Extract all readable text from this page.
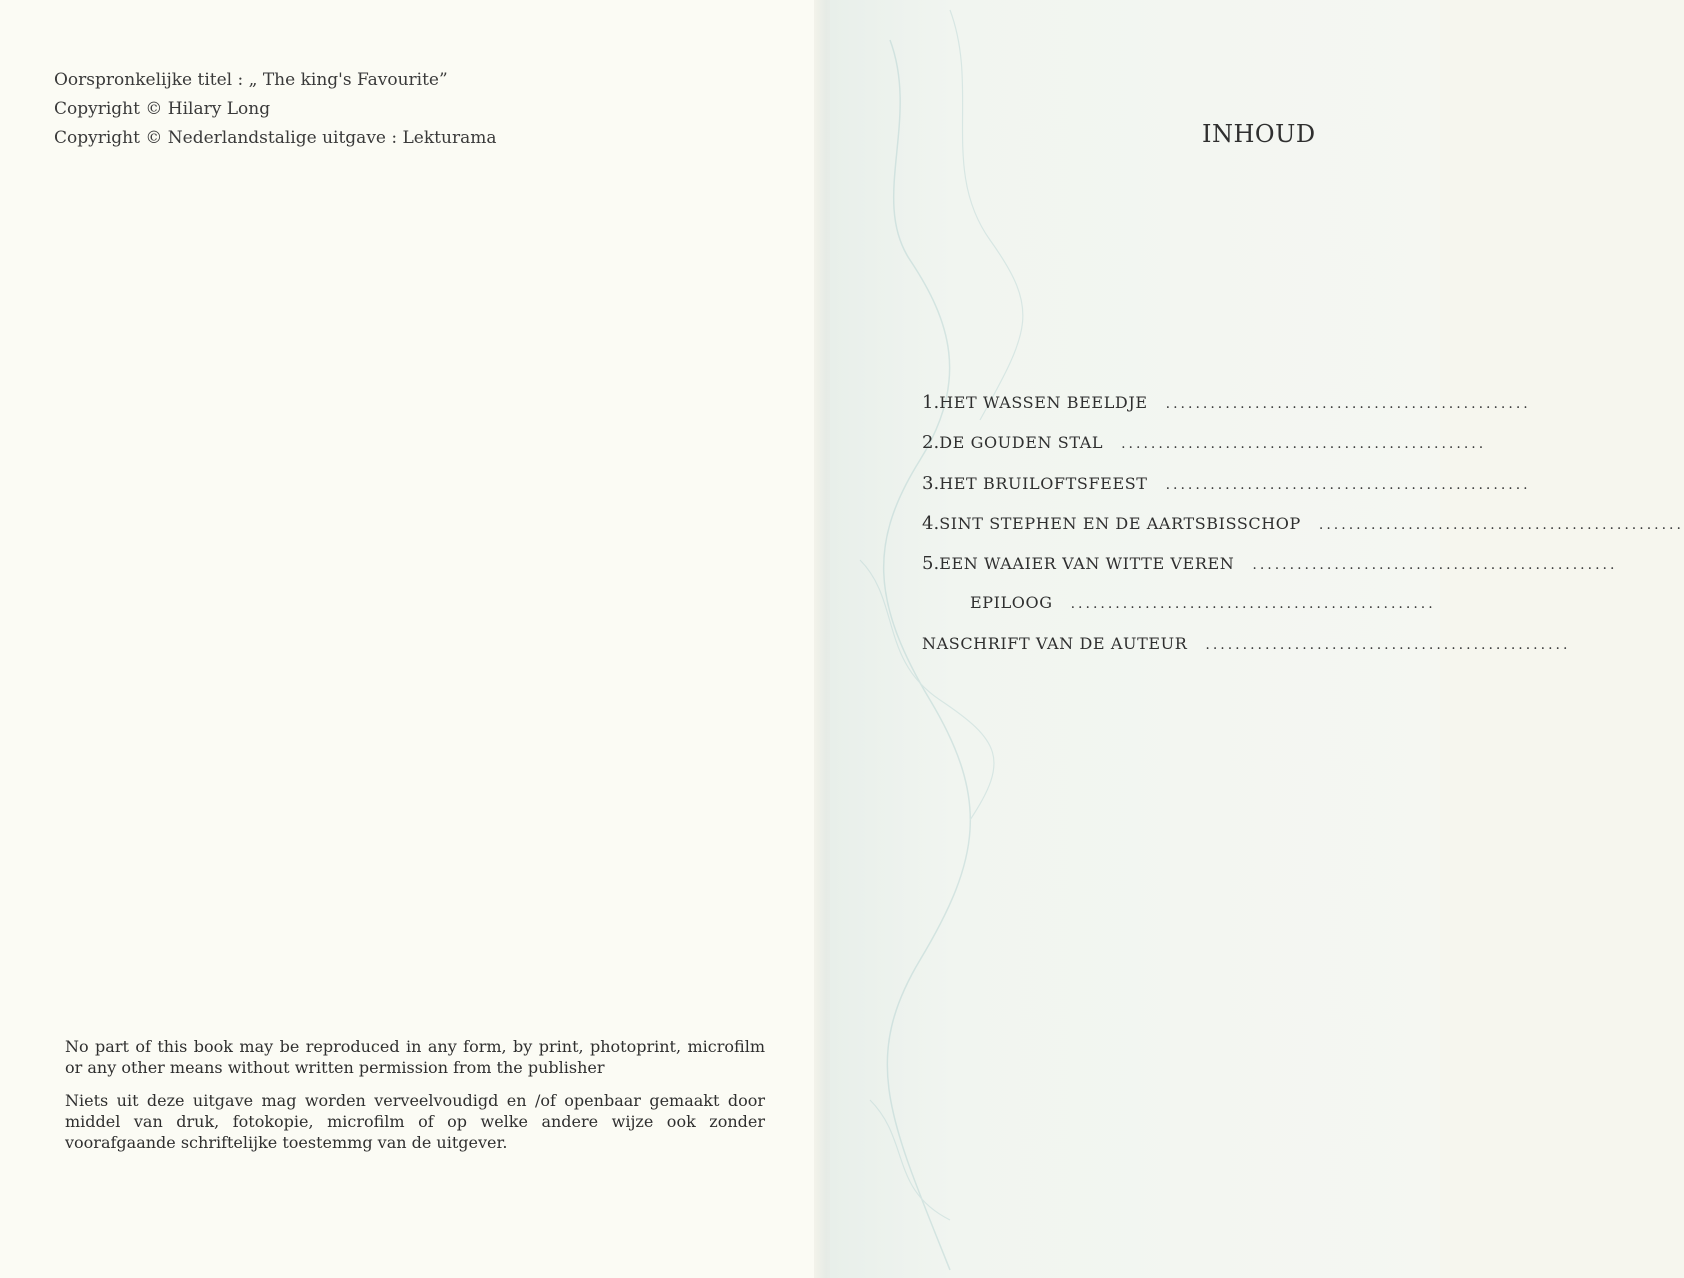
Oorspronkelijke titel : „ The king's Favourite”
Copyright © Hilary Long
Copyright © Nederlandstalige uitgave : Lekturama

No part of this book may be reproduced in any form, by print, photoprint, microfilm or any other means without written permission from the publisher

Niets uit deze uitgave mag worden verveelvoudigd en /of openbaar gemaakt door middel van druk, fotokopie, microfilm of op welke andere wijze ook zonder voorafgaande schriftelijke toestemmg van de uitgever.

INHOUD
1. HET WASSEN BEELDJE .................................................
2. DE GOUDEN STAL .................................................
3. HET BRUILOFTSFEEST .................................................
4. SINT STEPHEN EN DE AARTSBISSCHOP .................................................
5. EEN WAAIER VAN WITTE VEREN .................................................
EPILOOG .................................................
NASCHRIFT VAN DE AUTEUR .................................................
